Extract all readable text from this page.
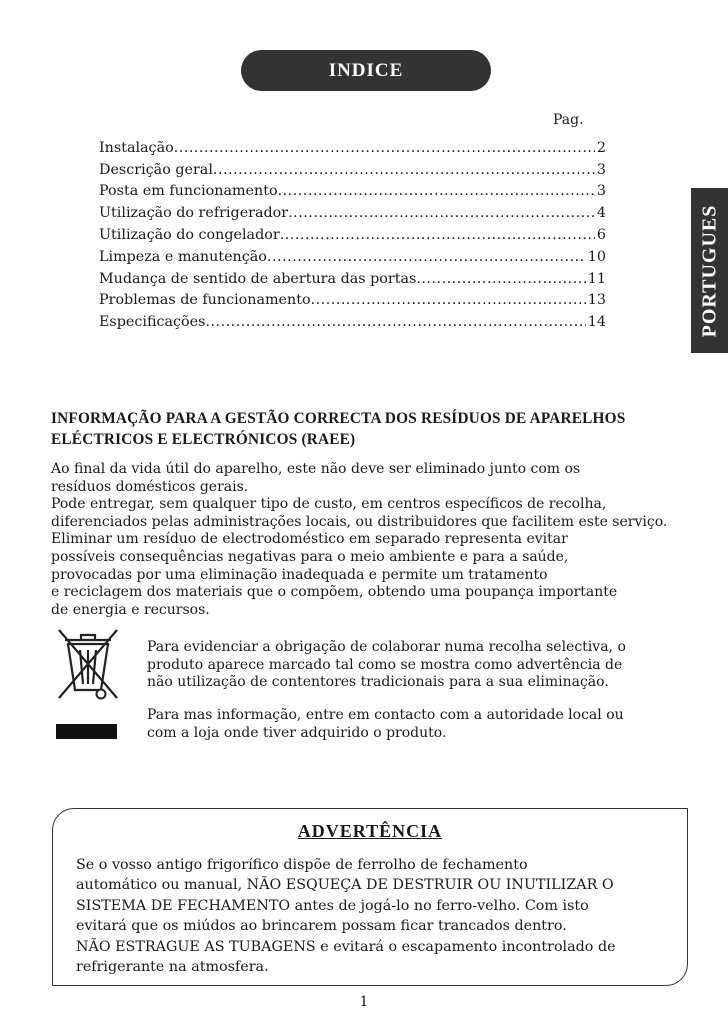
INDICE
Pag.
Instalação .....	2
Descrição geral .....	3
Posta em funcionamento .....	3
Utilização do refrigerador .....	4
Utilização do congelador .....	6
Limpeza e manutenção .....	10
Mudança de sentido de abertura das portas .....	11
Problemas de funcionamento .....	13
Especificações .....	14	PORTUGUES
INFORMAÇÃO PARA A GESTÃO CORRECTA DOS RESÍDUOS DE APARELHOS
ELÉCTRICOS E ELECTRÓNICOS (RAEE)
Ao final da vida útil do aparelho, este não deve ser eliminado junto com os
resíduos domésticos gerais.
Pode entregar, sem qualquer tipo de custo, em centros específicos de recolha,
diferenciados pelas administrações locais, ou distribuidores que facilitem este serviço.
Eliminar um resíduo de electrodoméstico em separado representa evitar
possíveis consequências negativas para o meio ambiente e para a saúde,
provocadas por uma eliminação inadequada e permite um tratamento
e reciclagem dos materiais que o compõem, obtendo uma poupança importante
de energia e recursos.
Para evidenciar a obrigação de colaborar numa recolha selectiva, o
produto aparece marcado tal como se mostra como advertência de
não utilização de contentores tradicionais para a sua eliminação.
Para mas informação, entre em contacto com a autoridade local ou
com a loja onde tiver adquirido o produto.
ADVERTÊNCIA
Se o vosso antigo frigorífico dispõe de ferrolho de fechamento
automático ou manual, NÃO ESQUEÇA DE DESTRUIR OU INUTILIZAR O
SISTEMA DE FECHAMENTO antes de jogá-lo no ferro-velho. Com isto
evitará que os miúdos ao brincarem possam ficar trancados dentro.
NÃO ESTRAGUE AS TUBAGENS e evitará o escapamento incontrolado de
refrigerante na atmosfera.
1
